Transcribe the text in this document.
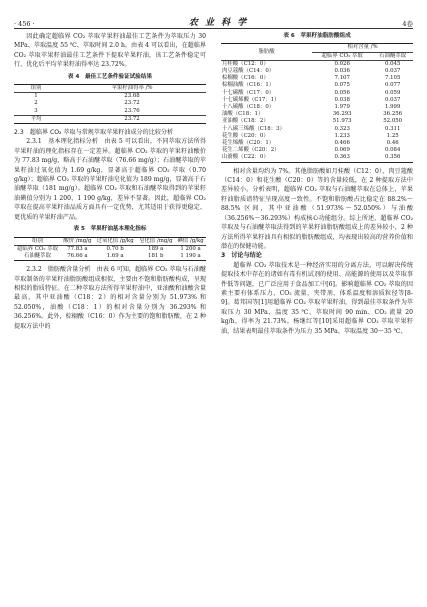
· 456 ·	农 业 科 学	4卷

因此确定超临界 CO₂ 萃取苹果籽油最佳工艺条件为萃取压力 30 MPa、萃取温度 55 ℃、萃取时间 2.0 h。由表 4 可以看出，在超临界 CO₂ 萃取苹果籽油最佳工艺条件下提取苹果籽油，该工艺条件稳定可行，优化后平均苹果籽油得率达 23.72%。

表 4　最佳工艺条件验证试验结果
组别	苹果籽油得率 /%
1	23.68
2	23.72
3	23.76
平均	23.72

2.3　超临界 CO₂ 萃取与常规萃取苹果籽油成分的比较分析

2.3.1　基本理化指标分析　由表 5 可以看出，不同萃取方法所得苹果籽油的理化指标存在一定差异。超临界 CO₂ 萃取的苹果籽油酸价为 77.83 mg/g，略高于石油醚萃取（76.66 mg/g）；石油醚萃取的苹果籽油过氧化值为 1.69 g/kg，显著高于超临界 CO₂ 萃取（0.70 g/kg）；超临界 CO₂ 萃取的苹果籽油皂化值为 189 mg/g，显著高于石油醚萃取（181 mg/g）。超临界 CO₂ 萃取和石油醚萃取得到的苹果籽油碘值分别为 1 200、1 190 g/kg，差异不显著。因此，超临界 CO₂ 萃取在提高苹果籽油品质方面具有一定优势，尤其适用于获得更稳定、更优质的苹果籽油产品。

表 5　苹果籽油基本理化指标
组别	酸价 /mg/g	过氧化值 /g/kg	皂化值 /mg/g	碘值 /g/kg
超临界 CO₂ 萃取	77.83 a	0.70 b	189 a	1 200 a
石油醚萃取	76.66 a	1.69 a	181 b	1 190 a

2.3.2　脂肪酸含量分析　由表 6 可知，超临界 CO₂ 萃取与石油醚萃取制备的苹果籽油脂肪酸组成相似，主要由不饱和脂肪酸构成，呈现相似的脂质特征。在二种萃取方法所得苹果籽油中，亚油酸和油酸含量最高，其中亚油酸（C18：2）的相对含量分别为 51.973% 和 52.050%，油酸（C18：1）的相对含量分别为 36.293% 和 36.256%。此外，棕榈酸（C16：0）作为主要的饱和脂肪酸，在 2 种提取方法中的

表 6　苹果籽油脂肪酸组成
脂肪酸	相对含量 /%	
	超临界 CO₂ 萃取	石油醚萃取
月桂酸（C12：0）	0.026	0.045
肉豆蔻酸（C14：0）	0.036	0.037
棕榈酸（C16：0）	7.107	7.105
棕榈油酸（C16：1）	0.075	0.077
十七碳酸（C17：0）	0.056	0.059
十七碳烯酸（C17：1）	0.038	0.037
十八碳酸（C18：0）	1.979	1.999
油酸（C18：1）	36.293	36.256
亚油酸（C18：2）	51.973	52.050
十八碳三烯酸（C18：3）	0.323	0.311
花生酸（C20：0）	1.233	1.25
花生烯酸（C20：1）	0.466	0.46
花生二烯酸（C20：2）	0.069	0.084
山嵛酸（C22：0）	0.363	0.356

相对含量均约为 7%。其他脂肪酸如月桂酸（C12：0）、肉豆蔻酸（C14：0）和花生酸（C20：0）等的含量较低，在 2 种提取方法中差异较小。分析表明，超临界 CO₂ 萃取与石油醚萃取在总体上，苹果籽油脂质谱特征呈现高度一致性。不饱和脂肪酸占比稳定在 88.2%～88.5% 区间，其中亚油酸（51.973%～52.050%）与油酸（36.256%～36.293%）构成核心功能组分。综上所述，超临界 CO₂ 萃取及与石油醚萃取法得到的苹果籽油脂肪酸组成上的差异较小，2 种方法所得苹果籽油具有相似的脂肪酸组成，均表现出较高的营养价值和潜在的保健功能。

3　讨论与结论

超临界 CO₂ 萃取技术是一种经济实用的分离方法，可以解决传统提取技术中存在的诸如有毒有机试剂的使用、高能源的使用以及萃取事件低等问题，已广泛应用于食品加工中[6]。影响超临界 CO₂ 萃取的因素主要有体系压力、CO₂ 流量、夹带剂、体系温度和溶质粒径等[8-9]。葛邦国等[1]用超临界 CO₂ 萃取苹果籽油，得到最佳萃取条件为萃取压力 30 MPa、温度 35 ℃、萃取时间 90 min、CO₂ 流量 20 kg/h，得率为 21.73%。杨继红等[10]采用超临界 CO₂ 萃取苹果籽油，结果表明最佳萃取条件为压力 35 MPa、萃取温度 30～35 ℃、
